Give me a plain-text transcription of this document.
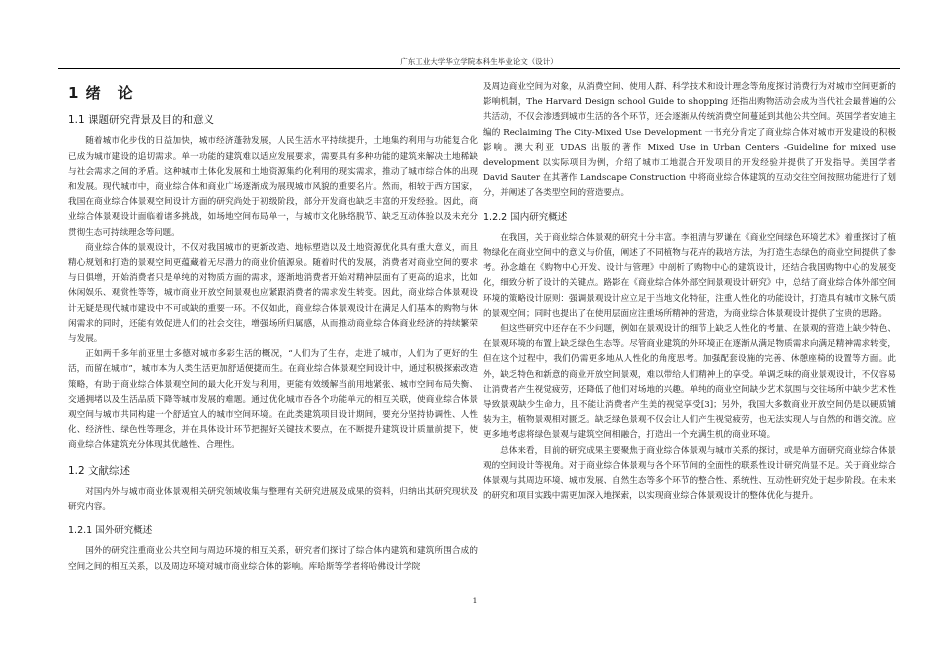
广东工业大学华立学院本科生毕业论文（设计）
1 绪　论
1.1 课题研究背景及目的和意义

随着城市化步伐的日益加快，城市经济蓬勃发展，人民生活水平持续提升，土地集约利用与功能复合化已成为城市建设的追切需求。单一功能的建筑难以适应发展要求，需要具有多种功能的建筑来解决土地稀缺与社会需求之间的矛盾。这种城市土体化发展和土地资源集约化利用的现实需求，推动了城市综合体的出现和发展。现代城市中，商业综合体和商业广场逐渐成为展现城市风貌的重要名片。然而，相较于西方国家，我国在商业综合体景观空间设计方面的研究尚处于初级阶段，部分开发商也缺乏丰富的开发经验。因此，商业综合体景观设计面临着诸多挑战，如场地空间布局单一，与城市文化脉络脱节、缺乏互动体验以及未充分贯彻生态可持续理念等问题。

商业综合体的景观设计，不仅对我国城市的更新改造、地标塑造以及土地资源优化具有重大意义，而且精心规划和打造的景观空间更蕴藏着无尽潜力的商业价值源泉。随着时代的发展，消费者对商业空间的要求与日俱增，开始消费者只是单纯的对物质方面的需求，逐渐地消费者开始对精神层面有了更高的追求，比如休闲娱乐、观赏性等等，城市商业开放空间景观也应紧跟消费者的需求发生转变。因此，商业综合体景观设计无疑是现代城市建设中不可或缺的重要一环。不仅如此，商业综合体景观设计在满足人们基本的购物与休闲需求的同时，还能有效促进人们的社会交往，增强场所归属感，从而推动商业综合体商业经济的持续繁荣与发展。

正如两千多年前亚里士多德对城市多彩生活的概况，“人们为了生存，走进了城市，人们为了更好的生活，而留在城市”，城市本为人类生活更加舒适便捷而生。在商业综合体景观空间设计中，通过积极探索改造策略，有助于商业综合体景观空间的最大化开发与利用，更能有效缓解当前用地紧张、城市空间布局失衡、交通拥堵以及生活品质下降等城市发展的难题。通过优化城市吞各个功能单元的相互关联，使商业综合体景观空间与城市共同构建一个舒适宜人的城市空间环境。在此类建筑项目设计期间，要充分坚持协调性、人性化、经济性、绿色性等理念，并在具体设计环节把握好关键技术要点，在不断提升建筑设计质量前提下，使商业综合体建筑充分体现其优越性、合理性。

1.2 文献综述

对国内外与城市商业体景观相关研究领域收集与整理有关研究进展及成果的资料，归纳出其研究现状及研究内容。

1.2.1 国外研究概述

国外的研究注重商业公共空间与周边环境的相互关系，研究者们探讨了综合体内建筑和建筑所围合成的空间之间的相互关系，以及周边环境对城市商业综合体的影响。库哈斯等学者将哈佛设计学院

及周边商业空间为对象，从消费空间、使用人群、科学技术和设计理念等角度探讨消费行为对城市空间更新的影响机制，The Harvard Design school Guide to shopping 还指出购物活动会成为当代社会最普遍的公共活动，不仅会渗透到城市生活的各个环节，还会逐渐从传统消费空间蔓延到其他公共空间。英国学者安迪主编的 Reclaiming The City-Mixed Use Development 一书充分肯定了商业综合体对城市开发建设的积极影响。澳大利亚 UDAS 出版的著作 Mixed Use in Urban Centers -Guideline for mixed use development 以实际项目为例，介绍了城市工地混合开发项目的开发经验并提供了开发指导。美国学者 David Sauter 在其著作 Landscape Construction 中将商业综合体建筑的互动交往空间按照功能进行了划分，并阐述了各类型空间的营造要点。

1.2.2 国内研究概述

在我国，关于商业综合体景观的研究十分丰富。李祖清与罗谦在《商业空间绿色环境艺术》着重探讨了植物绿化在商业空间中的意义与价值，阐述了不同植物与花卉的栽培方法，为打造生态绿色的商业空间提供了参考。孙念雄在《购物中心开发、设计与管理》中剖析了购物中心的建筑设计，还结合我国购物中心的发展变化，细致分析了设计的关键点。路影在《商业综合体外部空间景观设计研究》中，总结了商业综合体外部空间环境的策略设计原则：强调景观设计应立足于当地文化特征，注重人性化的功能设计，打造具有城市文脉气质的景观空间；同时也提出了在使用层面应注重场所精神的营造，为商业综合体景观设计提供了宝贵的思路。

但这些研究中还存在不少问题，例如在景观设计的细节上缺乏人性化的考量、在景观的营造上缺少特色、在景观环境的布置上缺乏绿色生态等。尽管商业建筑的外环境正在逐渐从满足物质需求向满足精神需求转变，但在这个过程中，我们仍需更多地从人性化的角度思考。加强配套设施的完善、休憩座椅的设置等方面。此外，缺乏特色和新意的商业开放空间景观，难以带给人们精神上的享受。单调乏味的商业景观设计，不仅容易让消费者产生视觉疲劳，还降低了他们对场地的兴趣。单纯的商业空间缺少艺术氛围与交往场所中缺少艺术性导致景观缺少生命力，且不能让消费者产生美的视觉享受[3]；另外，我国大多数商业开放空间仍是以硬质铺装为主，植物景观相对匮乏。缺乏绿色景观不仅会让人们产生视觉疲劳，也无法实现人与自然的和谐交流。应更多地考虑将绿色景观与建筑空间相融合，打造出一个充满生机的商业环境。

总体来看，目前的研究成果主要聚焦于商业综合体景观与城市关系的探讨，或是单方面研究商业综合体景观的空间设计等视角。对于商业综合体景观与各个环节间的全面性的联系性设计研究尚显不足。关于商业综合体景观与其周边环境、城市发展、自然生态等多个环节的整合性、系统性、互动性研究处于起步阶段。在未来的研究和项目实践中需更加深入地探索，以实现商业综合体景观设计的整体优化与提升。

1
